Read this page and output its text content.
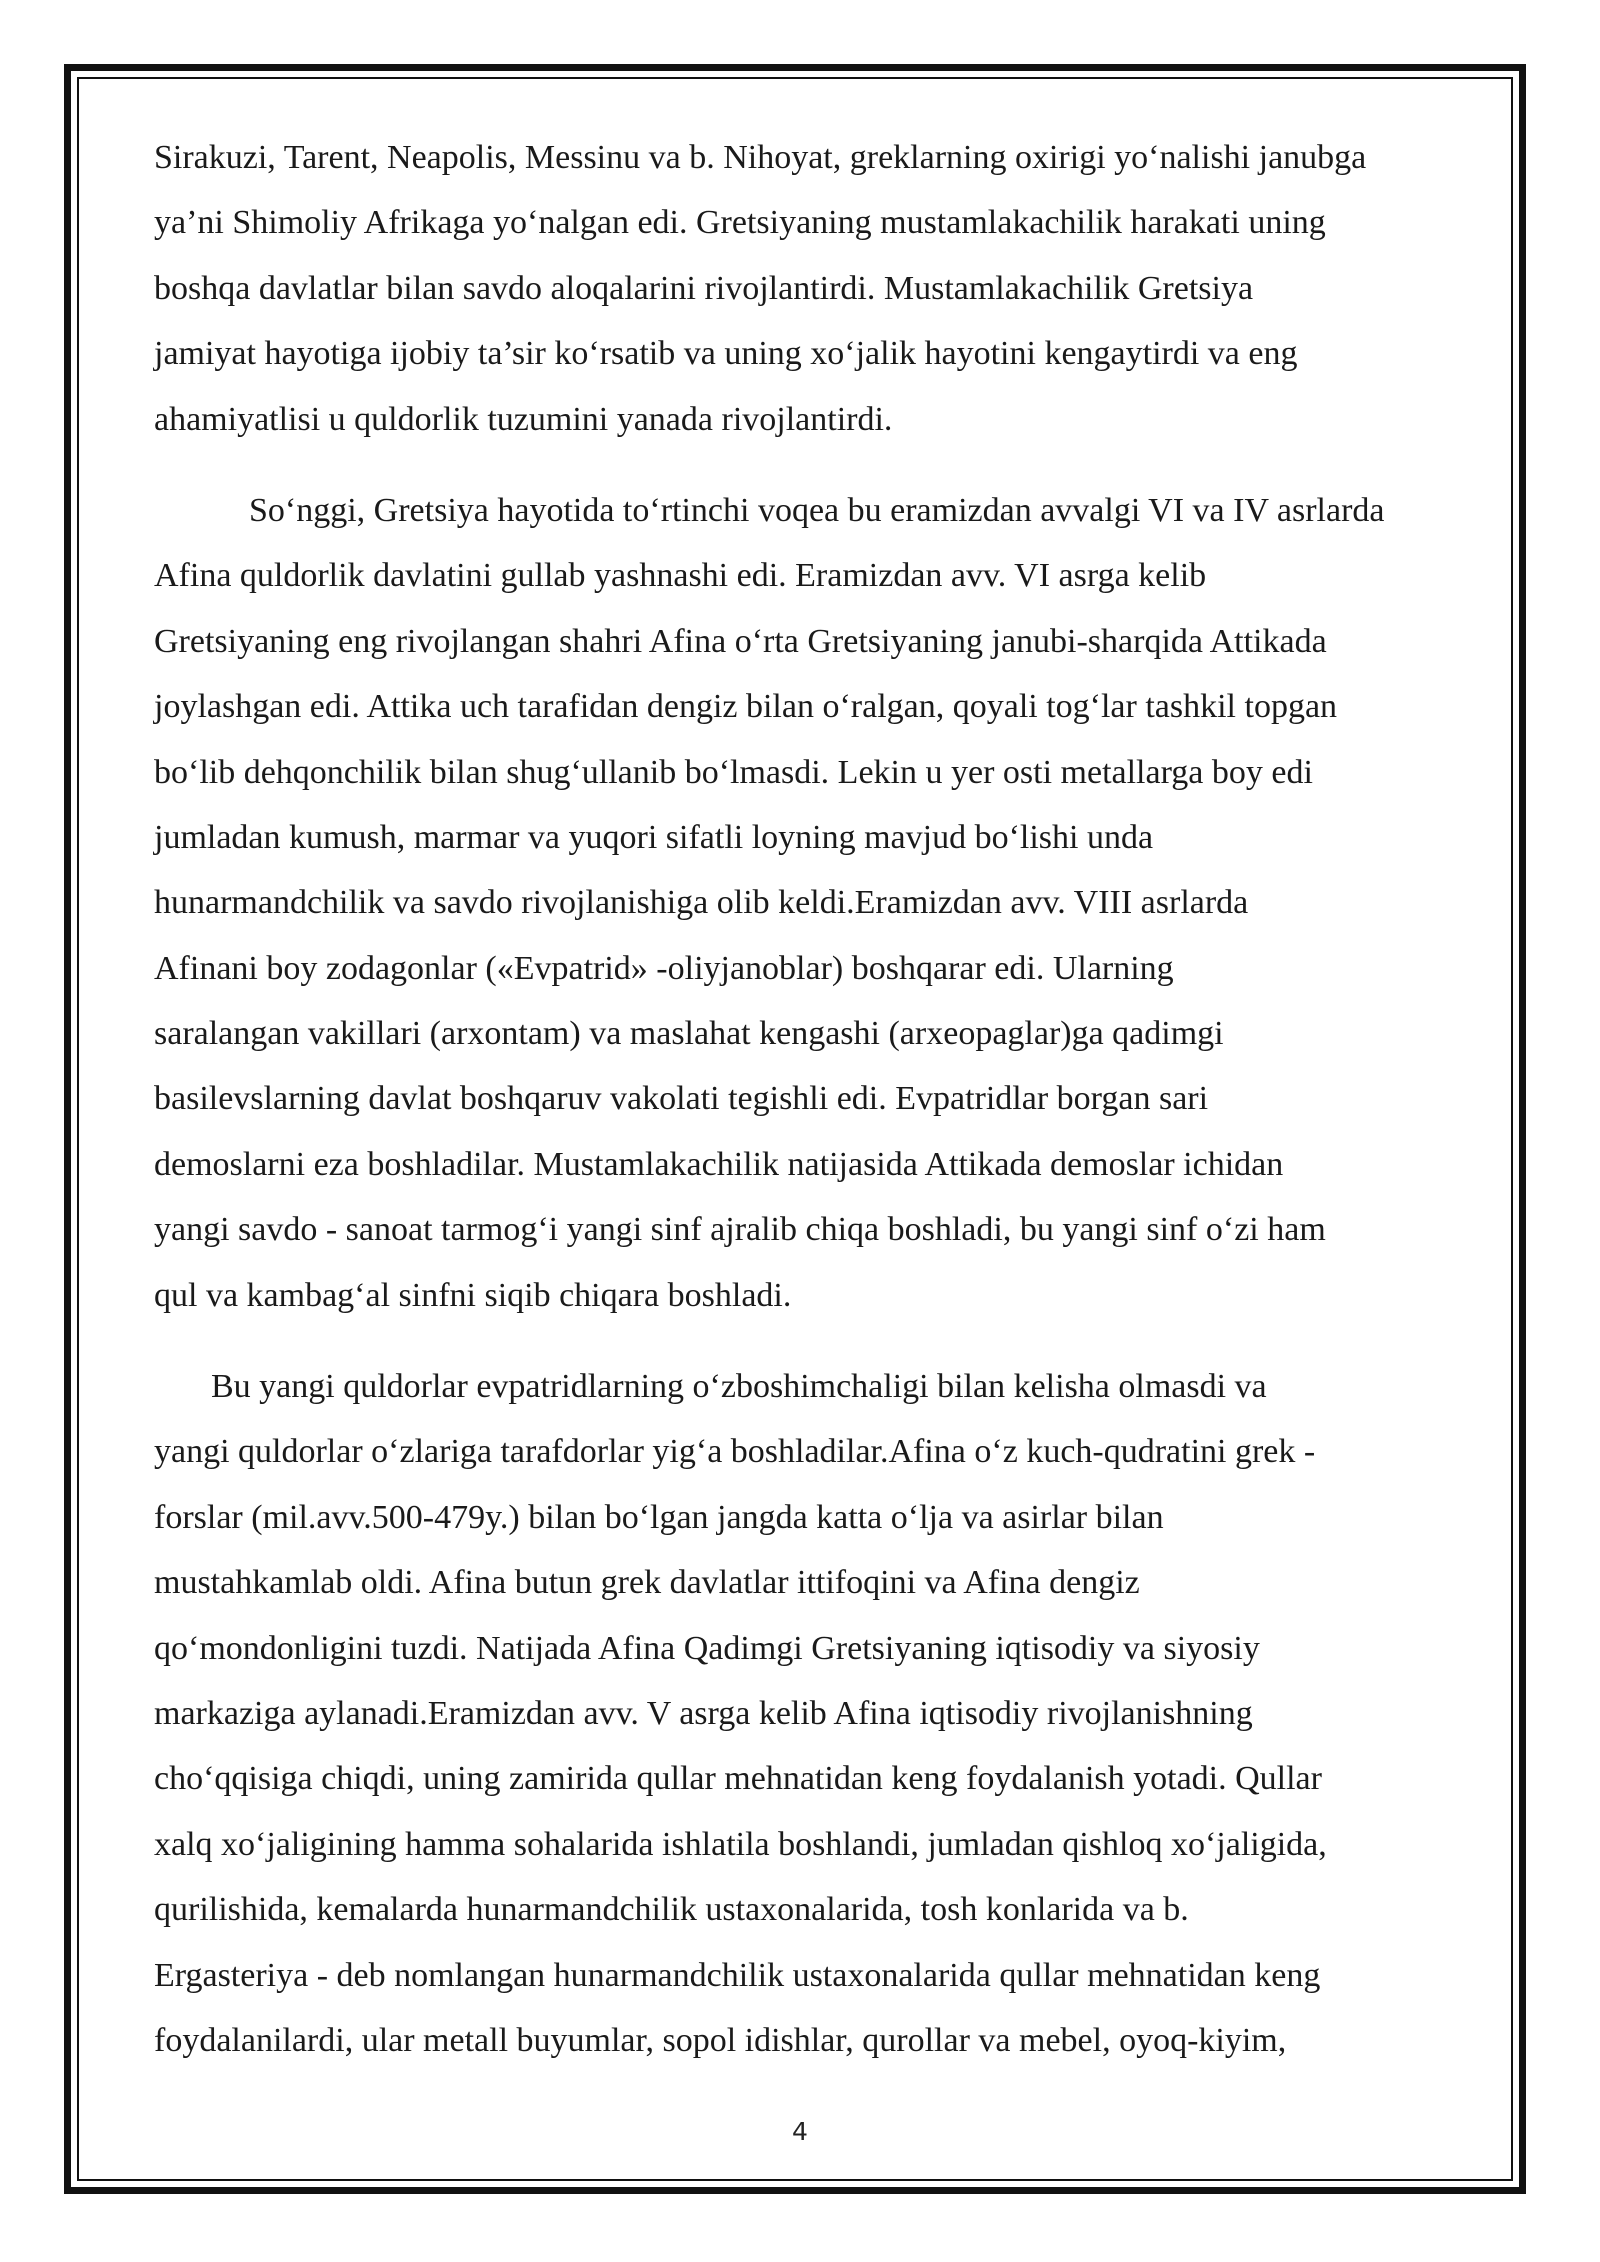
Sirakuzi, Tarent, Neapolis, Messinu va b. Nihoyat, greklarning oxirigi yo‘nalishi janubga
ya’ni Shimoliy Afrikaga yo‘nalgan edi. Gretsiyaning mustamlakachilik harakati uning
boshqa davlatlar bilan savdo aloqalarini rivojlantirdi. Mustamlakachilik Gretsiya
jamiyat hayotiga ijobiy ta’sir ko‘rsatib va uning xo‘jalik hayotini kengaytirdi va eng
ahamiyatlisi u quldorlik tuzumini yanada rivojlantirdi.
So‘nggi, Gretsiya hayotida to‘rtinchi voqea bu eramizdan avvalgi VI va IV asrlarda
Afina quldorlik davlatini gullab yashnashi edi. Eramizdan avv. VI asrga kelib
Gretsiyaning eng rivojlangan shahri Afina o‘rta Gretsiyaning janubi-sharqida Attikada
joylashgan edi. Attika uch tarafidan dengiz bilan o‘ralgan, qoyali tog‘lar tashkil topgan
bo‘lib dehqonchilik bilan shug‘ullanib bo‘lmasdi. Lekin u yer osti metallarga boy edi
jumladan kumush, marmar va yuqori sifatli loyning mavjud bo‘lishi unda
hunarmandchilik va savdo rivojlanishiga olib keldi.Eramizdan avv. VIII asrlarda
Afinani boy zodagonlar («Evpatrid» -oliyjanoblar) boshqarar edi. Ularning
saralangan vakillari (arxontam) va maslahat kengashi (arxeopaglar)ga qadimgi
basilevslarning davlat boshqaruv vakolati tegishli edi. Evpatridlar borgan sari
demoslarni eza boshladilar. Mustamlakachilik natijasida Attikada demoslar ichidan
yangi savdo - sanoat tarmog‘i yangi sinf ajralib chiqa boshladi, bu yangi sinf o‘zi ham
qul va kambag‘al sinfni siqib chiqara boshladi.
Bu yangi quldorlar evpatridlarning o‘zboshimchaligi bilan kelisha olmasdi va
yangi quldorlar o‘zlariga tarafdorlar yig‘a boshladilar.Afina o‘z kuch-qudratini grek -
forslar (mil.avv.500-479y.) bilan bo‘lgan jangda katta o‘lja va asirlar bilan
mustahkamlab oldi. Afina butun grek davlatlar ittifoqini va Afina dengiz
qo‘mondonligini tuzdi. Natijada Afina Qadimgi Gretsiyaning iqtisodiy va siyosiy
markaziga aylanadi.Eramizdan avv. V asrga kelib Afina iqtisodiy rivojlanishning
cho‘qqisiga chiqdi, uning zamirida qullar mehnatidan keng foydalanish yotadi. Qullar
xalq xo‘jaligining hamma sohalarida ishlatila boshlandi, jumladan qishloq xo‘jaligida,
qurilishida, kemalarda hunarmandchilik ustaxonalarida, tosh konlarida va b.
Ergasteriya - deb nomlangan hunarmandchilik ustaxonalarida qullar mehnatidan keng
foydalanilardi, ular metall buyumlar, sopol idishlar, qurollar va mebel, oyoq-kiyim,
4
